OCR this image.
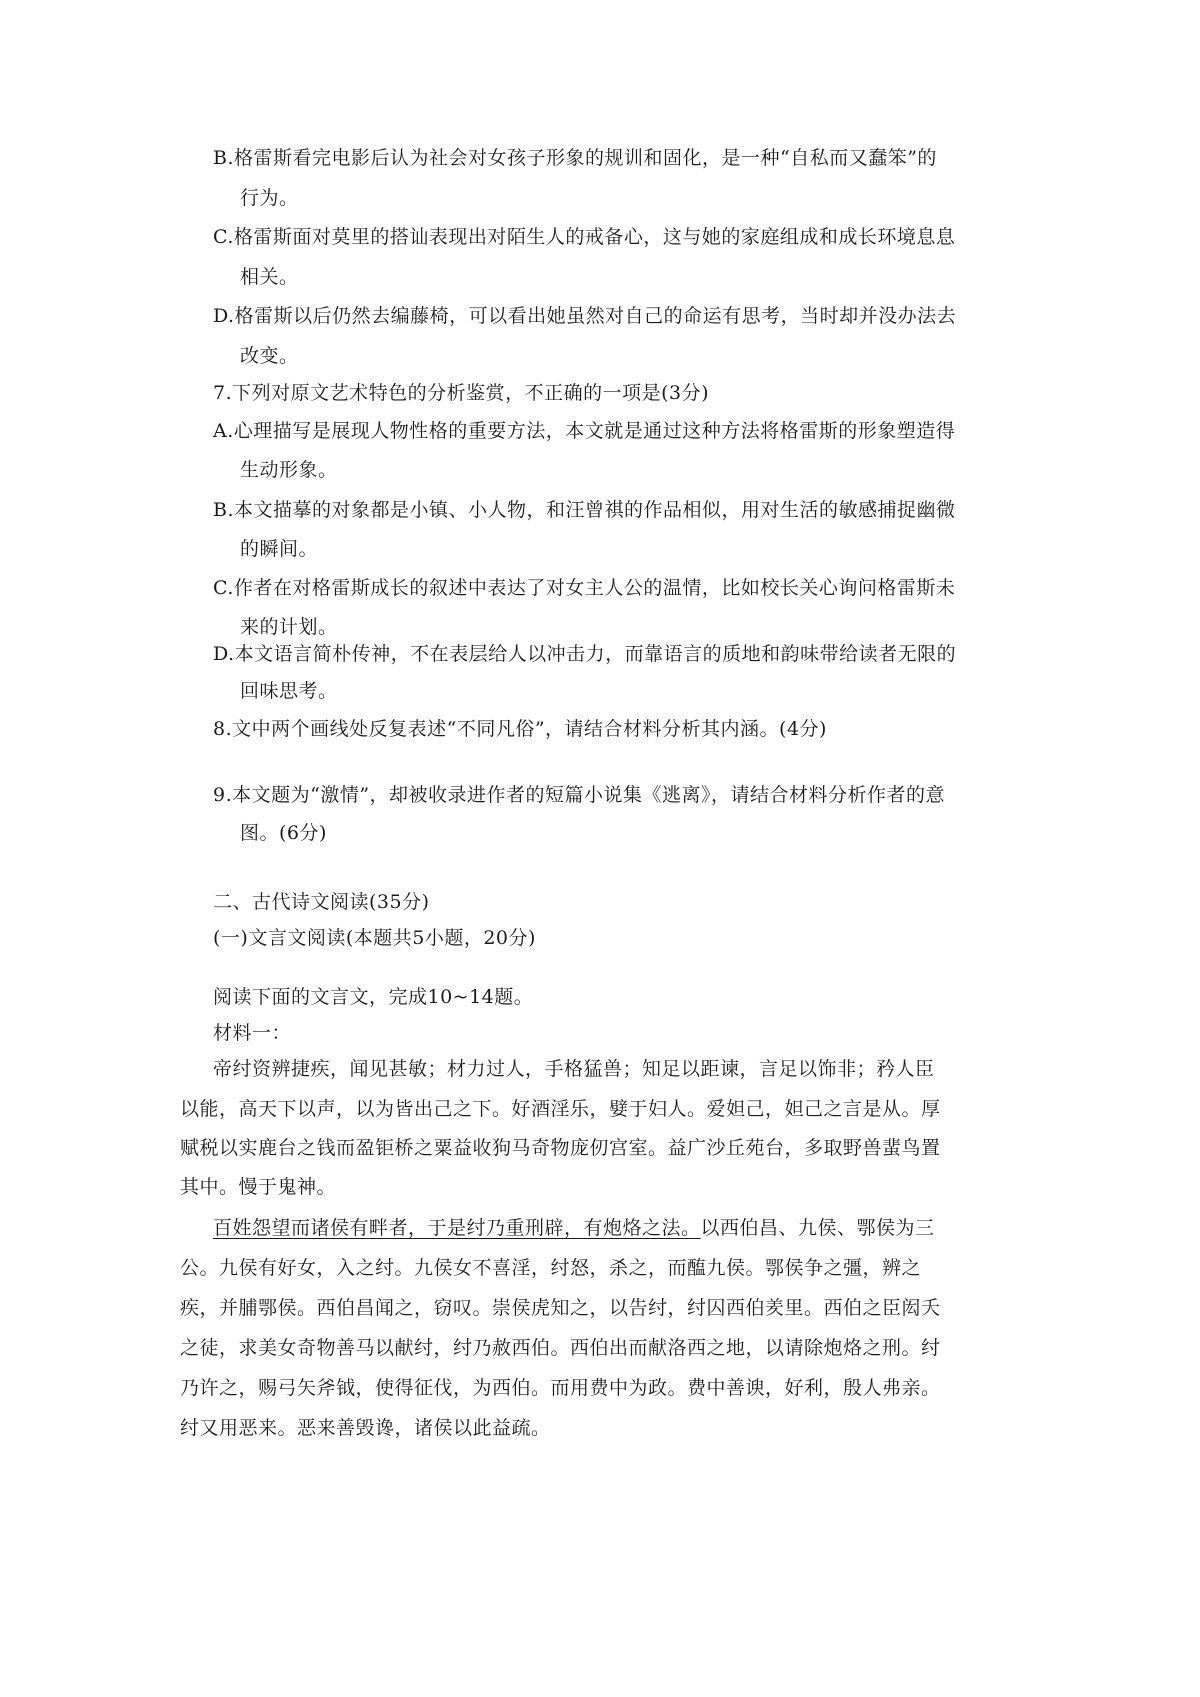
B.格雷斯看完电影后认为社会对女孩子形象的规训和固化，是一种“自私而又蠢笨”的
行为。
C.格雷斯面对莫里的搭讪表现出对陌生人的戒备心，这与她的家庭组成和成长环境息息
相关。
D.格雷斯以后仍然去编藤椅，可以看出她虽然对自己的命运有思考，当时却并没办法去
改变。
7.下列对原文艺术特色的分析鉴赏，不正确的一项是(3分)
A.心理描写是展现人物性格的重要方法，本文就是通过这种方法将格雷斯的形象塑造得
生动形象。
B.本文描摹的对象都是小镇、小人物，和汪曾祺的作品相似，用对生活的敏感捕捉幽微
的瞬间。
C.作者在对格雷斯成长的叙述中表达了对女主人公的温情，比如校长关心询问格雷斯未
来的计划。
D.本文语言简朴传神，不在表层给人以冲击力，而靠语言的质地和韵味带给读者无限的
回味思考。
8.文中两个画线处反复表述“不同凡俗”，请结合材料分析其内涵。(4分)
9.本文题为“激情”，却被收录进作者的短篇小说集《逃离》，请结合材料分析作者的意
图。(6分)
二、古代诗文阅读(35分)
(一)文言文阅读(本题共5小题，20分)
阅读下面的文言文，完成10~14题。
材料一：
帝纣资辨捷疾，闻见甚敏；材力过人，手格猛兽；知足以距谏，言足以饰非；矜人臣
以能，高天下以声，以为皆出己之下。好酒淫乐，嬖于妇人。爱妲己，妲己之言是从。厚
赋税以实鹿台之钱而盈钜桥之粟益收狗马奇物庞仞宫室。益广沙丘苑台，多取野兽蜚鸟置
其中。慢于鬼神。
百姓怨望而诸侯有畔者，于是纣乃重刑辟，有炮烙之法。以西伯昌、九侯、鄂侯为三
公。九侯有好女，入之纣。九侯女不喜淫，纣怒，杀之，而醢九侯。鄂侯争之彊，辨之
疾，并脯鄂侯。西伯昌闻之，窃叹。崇侯虎知之，以告纣，纣囚西伯羑里。西伯之臣闳夭
之徒，求美女奇物善马以献纣，纣乃赦西伯。西伯出而献洛西之地，以请除炮烙之刑。纣
乃许之，赐弓矢斧钺，使得征伐，为西伯。而用费中为政。费中善谀，好利，殷人弗亲。
纣又用恶来。恶来善毁谗，诸侯以此益疏。
